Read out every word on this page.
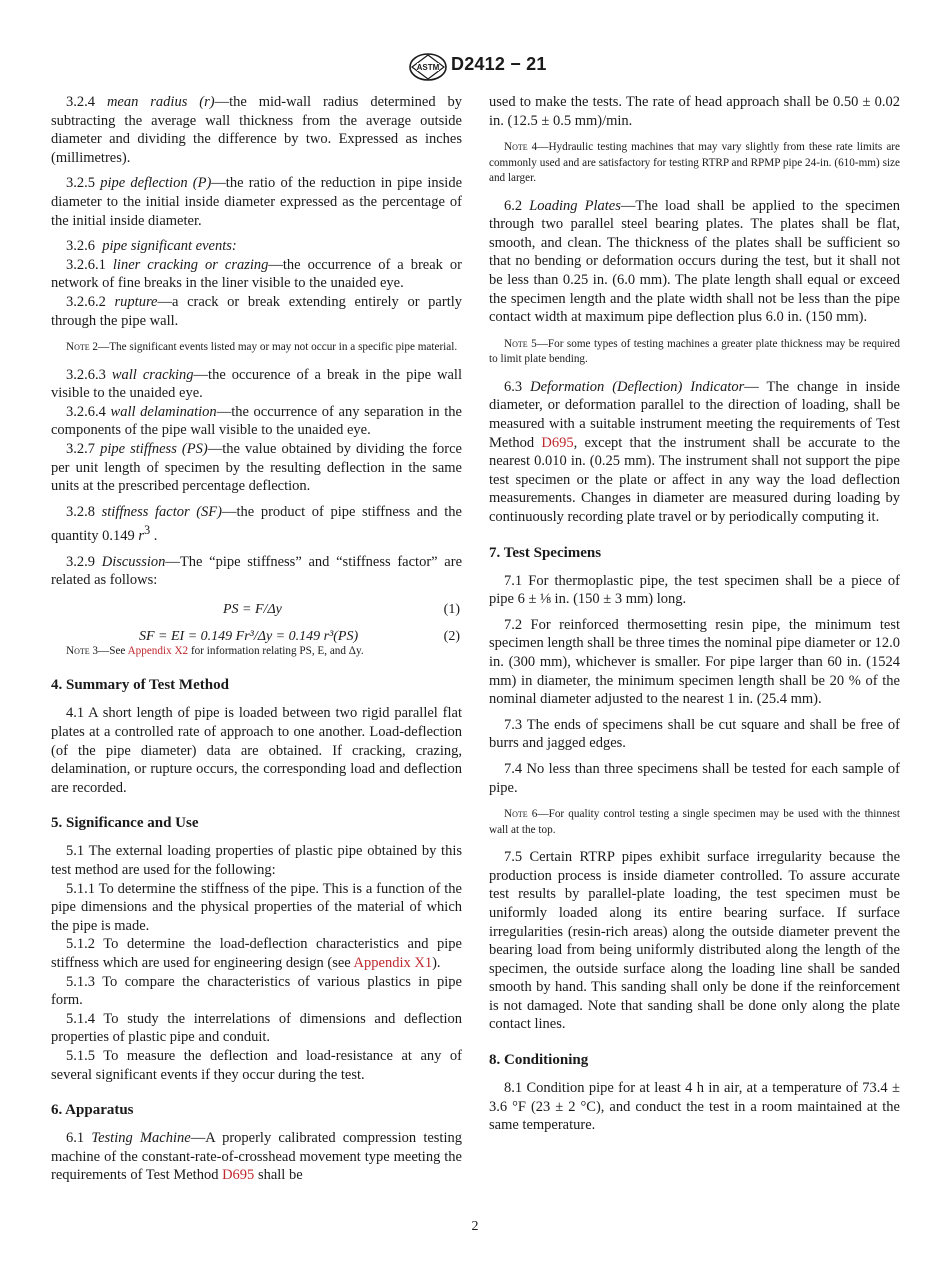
ASTM D2412 − 21

3.2.4 mean radius (r)—the mid-wall radius determined by subtracting the average wall thickness from the average outside diameter and dividing the difference by two. Expressed as inches (millimetres).

3.2.5 pipe deflection (P)—the ratio of the reduction in pipe inside diameter to the initial inside diameter expressed as the percentage of the initial inside diameter.

3.2.6 pipe significant events:

3.2.6.1 liner cracking or crazing—the occurrence of a break or network of fine breaks in the liner visible to the unaided eye.

3.2.6.2 rupture—a crack or break extending entirely or partly through the pipe wall.

Note 2—The significant events listed may or may not occur in a specific pipe material.

3.2.6.3 wall cracking—the occurence of a break in the pipe wall visible to the unaided eye.

3.2.6.4 wall delamination—the occurrence of any separation in the components of the pipe wall visible to the unaided eye.

3.2.7 pipe stiffness (PS)—the value obtained by dividing the force per unit length of specimen by the resulting deflection in the same units at the prescribed percentage deflection.

3.2.8 stiffness factor (SF)—the product of pipe stiffness and the quantity 0.149 $r^3$ .

3.2.9 Discussion—The “pipe stiffness” and “stiffness factor” are related as follows:

PS = F/Δy	(1)
SF = EI = 0.149 Fr³/Δy = 0.149 r³(PS)	(2)

Note 3—See Appendix X2 for information relating PS, E, and Δy.

4. Summary of Test Method

4.1 A short length of pipe is loaded between two rigid parallel flat plates at a controlled rate of approach to one another. Load-deflection (of the pipe diameter) data are obtained. If cracking, crazing, delamination, or rupture occurs, the corresponding load and deflection are recorded.

5. Significance and Use

5.1 The external loading properties of plastic pipe obtained by this test method are used for the following:

5.1.1 To determine the stiffness of the pipe. This is a function of the pipe dimensions and the physical properties of the material of which the pipe is made.

5.1.2 To determine the load-deflection characteristics and pipe stiffness which are used for engineering design (see Appendix X1).

5.1.3 To compare the characteristics of various plastics in pipe form.

5.1.4 To study the interrelations of dimensions and deflection properties of plastic pipe and conduit.

5.1.5 To measure the deflection and load-resistance at any of several significant events if they occur during the test.

6. Apparatus

6.1 Testing Machine—A properly calibrated compression testing machine of the constant-rate-of-crosshead movement type meeting the requirements of Test Method D695 shall be

used to make the tests. The rate of head approach shall be 0.50 ± 0.02 in. (12.5 ± 0.5 mm)/min.

Note 4—Hydraulic testing machines that may vary slightly from these rate limits are commonly used and are satisfactory for testing RTRP and RPMP pipe 24-in. (610-mm) size and larger.

6.2 Loading Plates—The load shall be applied to the specimen through two parallel steel bearing plates. The plates shall be flat, smooth, and clean. The thickness of the plates shall be sufficient so that no bending or deformation occurs during the test, but it shall not be less than 0.25 in. (6.0 mm). The plate length shall equal or exceed the specimen length and the plate width shall not be less than the pipe contact width at maximum pipe deflection plus 6.0 in. (150 mm).

Note 5—For some types of testing machines a greater plate thickness may be required to limit plate bending.

6.3 Deformation (Deflection) Indicator— The change in inside diameter, or deformation parallel to the direction of loading, shall be measured with a suitable instrument meeting the requirements of Test Method D695, except that the instrument shall be accurate to the nearest 0.010 in. (0.25 mm). The instrument shall not support the pipe test specimen or the plate or affect in any way the load deflection measurements. Changes in diameter are measured during loading by continuously recording plate travel or by periodically computing it.

7. Test Specimens

7.1 For thermoplastic pipe, the test specimen shall be a piece of pipe 6 ± ⅛ in. (150 ± 3 mm) long.

7.2 For reinforced thermosetting resin pipe, the minimum test specimen length shall be three times the nominal pipe diameter or 12.0 in. (300 mm), whichever is smaller. For pipe larger than 60 in. (1524 mm) in diameter, the minimum specimen length shall be 20 % of the nominal diameter adjusted to the nearest 1 in. (25.4 mm).

7.3 The ends of specimens shall be cut square and shall be free of burrs and jagged edges.

7.4 No less than three specimens shall be tested for each sample of pipe.

Note 6—For quality control testing a single specimen may be used with the thinnest wall at the top.

7.5 Certain RTRP pipes exhibit surface irregularity because the production process is inside diameter controlled. To assure accurate test results by parallel-plate loading, the test specimen must be uniformly loaded along its entire bearing surface. If surface irregularities (resin-rich areas) along the outside diameter prevent the bearing load from being uniformly distributed along the length of the specimen, the outside surface along the loading line shall be sanded smooth by hand. This sanding shall only be done if the reinforcement is not damaged. Note that sanding shall be done only along the plate contact lines.

8. Conditioning

8.1 Condition pipe for at least 4 h in air, at a temperature of 73.4 ± 3.6 °F (23 ± 2 °C), and conduct the test in a room maintained at the same temperature.

2
